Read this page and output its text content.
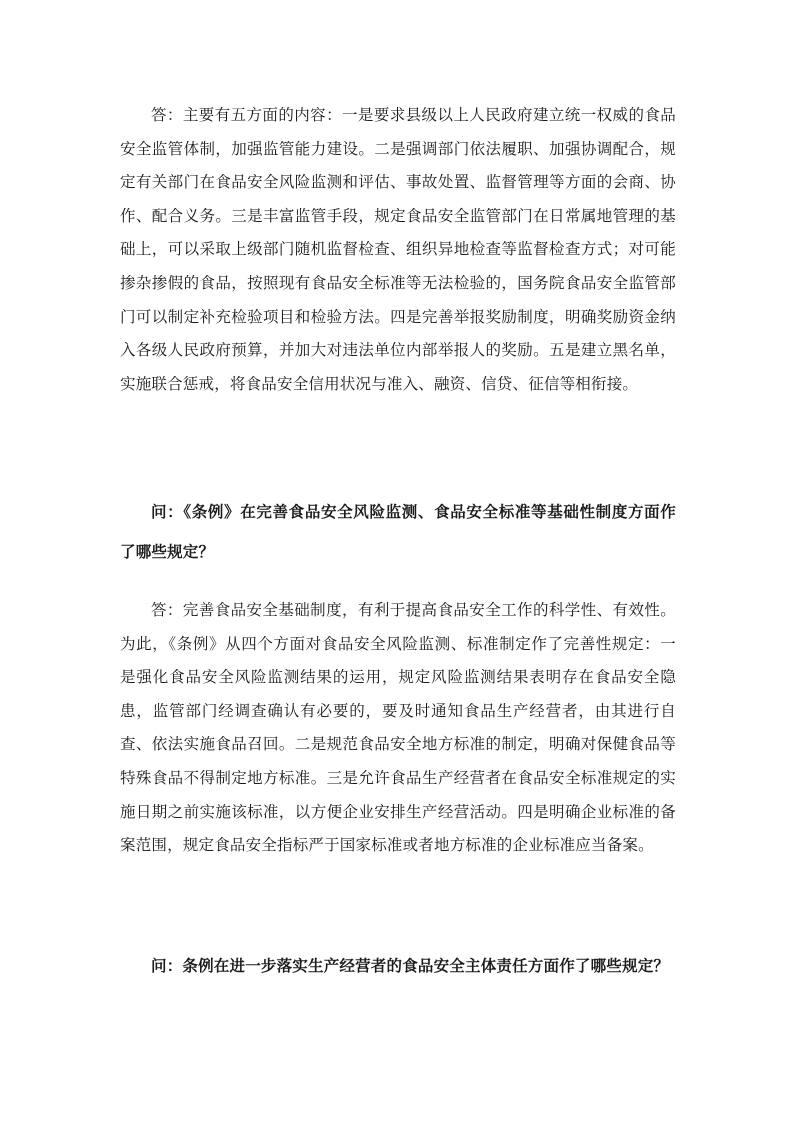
答：主要有五方面的内容：一是要求县级以上人民政府建立统一权威的食品安全监管体制，加强监管能力建设。二是强调部门依法履职、加强协调配合，规定有关部门在食品安全风险监测和评估、事故处置、监督管理等方面的会商、协作、配合义务。三是丰富监管手段，规定食品安全监管部门在日常属地管理的基础上，可以采取上级部门随机监督检查、组织异地检查等监督检查方式；对可能掺杂掺假的食品，按照现有食品安全标准等无法检验的，国务院食品安全监管部门可以制定补充检验项目和检验方法。四是完善举报奖励制度，明确奖励资金纳入各级人民政府预算，并加大对违法单位内部举报人的奖励。五是建立黑名单，实施联合惩戒，将食品安全信用状况与准入、融资、信贷、征信等相衔接。

问：《条例》在完善食品安全风险监测、食品安全标准等基础性制度方面作了哪些规定？

答：完善食品安全基础制度，有利于提高食品安全工作的科学性、有效性。为此，《条例》从四个方面对食品安全风险监测、标准制定作了完善性规定：一是强化食品安全风险监测结果的运用，规定风险监测结果表明存在食品安全隐患，监管部门经调查确认有必要的，要及时通知食品生产经营者，由其进行自查、依法实施食品召回。二是规范食品安全地方标准的制定，明确对保健食品等特殊食品不得制定地方标准。三是允许食品生产经营者在食品安全标准规定的实施日期之前实施该标准，以方便企业安排生产经营活动。四是明确企业标准的备案范围，规定食品安全指标严于国家标准或者地方标准的企业标准应当备案。

问：条例在进一步落实生产经营者的食品安全主体责任方面作了哪些规定？
